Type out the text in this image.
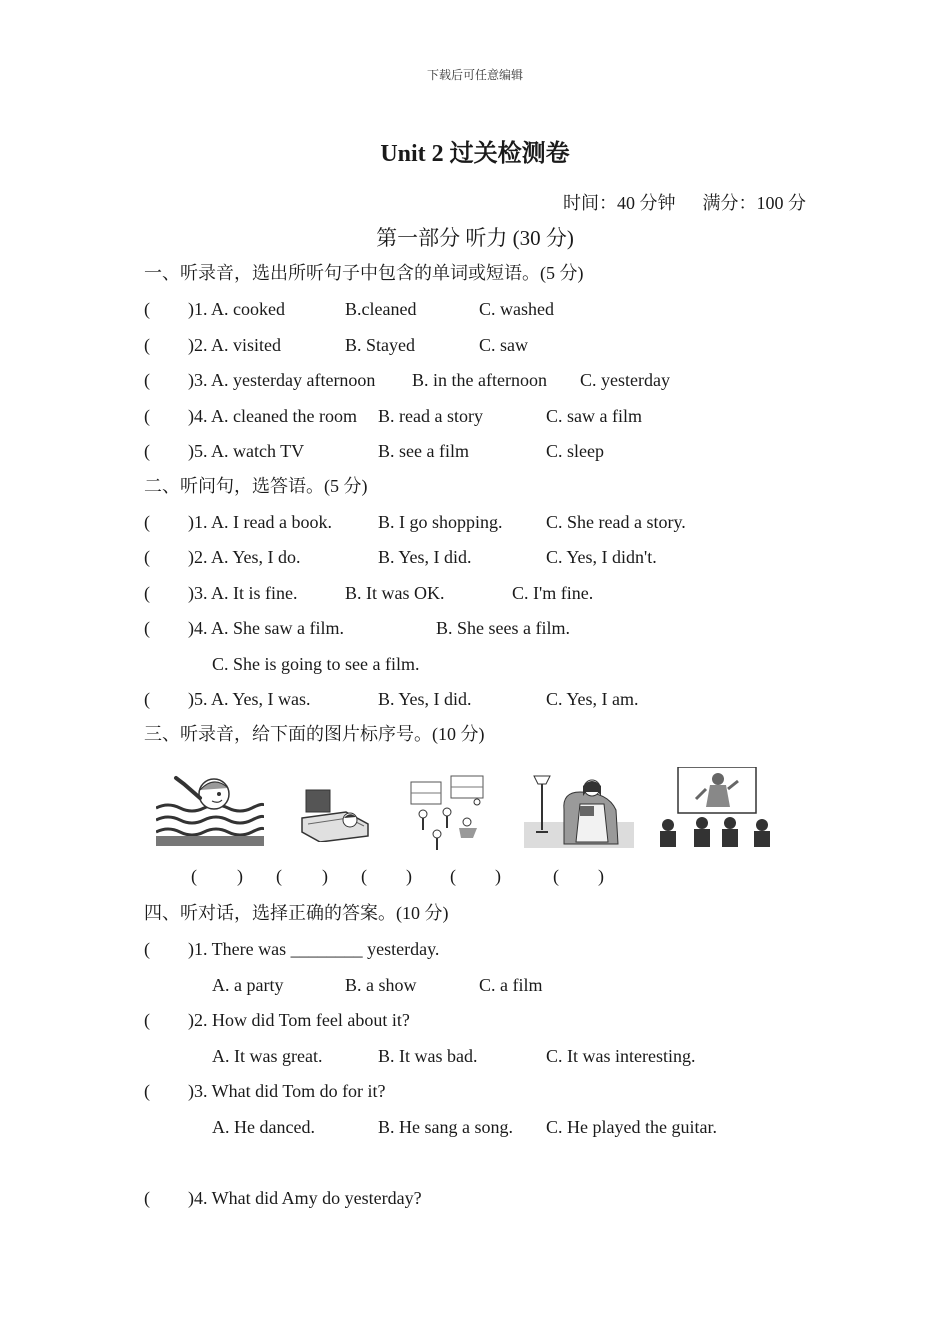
下载后可任意编辑
Unit 2 过关检测卷
时间：40 分钟 满分：100 分
第一部分 听力 (30 分)
一、听录音，选出所听句子中包含的单词或短语。(5 分)
( )1. A. cooked	B.cleaned	C. washed
( )2. A. visited	B. Stayed	C. saw
( )3. A. yesterday afternoon B. in the afternoon C. yesterday
( )4. A. cleaned the room B. read a story	C. saw a film
( )5. A. watch TV	B. see a film	C. sleep
二、听问句，选答语。(5 分)
( )1. A. I read a book.	B. I go shopping. C. She read a story.
( )2. A. Yes, I do.	B. Yes, I did.	C. Yes, I didn't.
( )3. A. It is fine.	B. It was OK.	C. I'm fine.
( )4. A. She saw a film.	B. She sees a film.
C. She is going to see a film.
( )5. A. Yes, I was.	B. Yes, I did.	C. Yes, I am.
三、听录音，给下面的图片标序号。(10 分)
( ) ( ) ( ) ( )	( )
四、听对话，选择正确的答案。(10 分)
( )1. There was ________ yesterday.
A. a party	B. a show	C. a film
( )2. How did Tom feel about it?
A. It was great.	B. It was bad.	C. It was interesting.
( )3. What did Tom do for it?
A. He danced.	B. He sang a song. C. He played the guitar.
( )4. What did Amy do yesterday?
